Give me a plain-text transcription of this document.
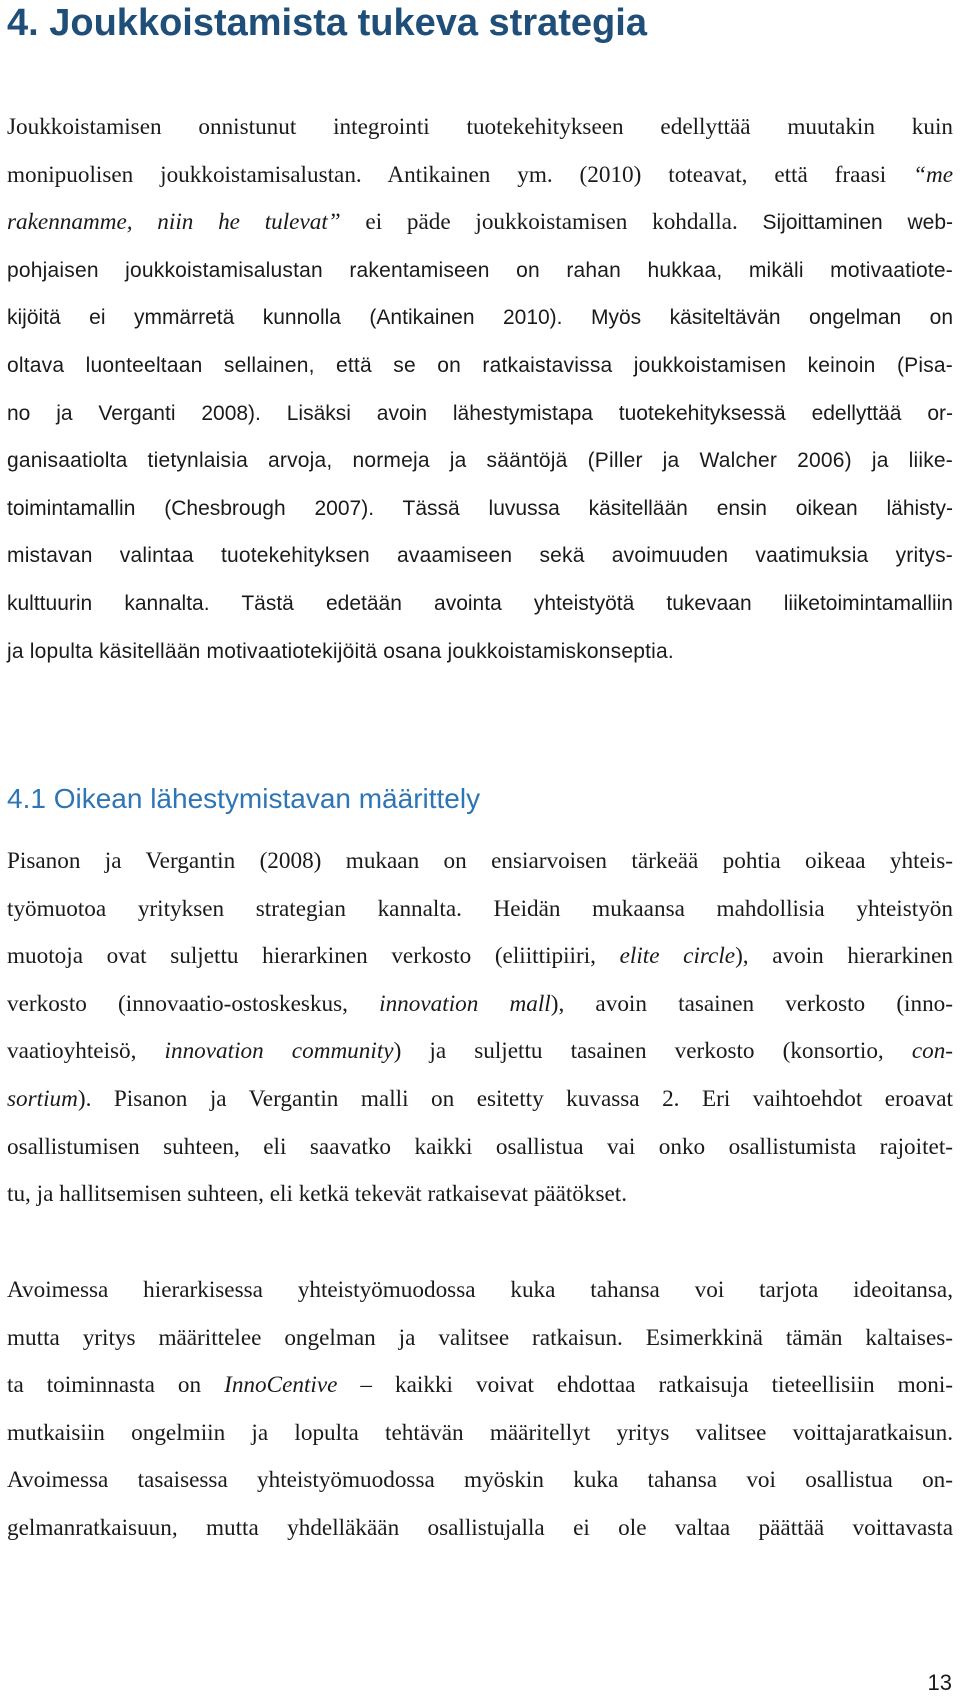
4. Joukkoistamista tukeva strategia
Joukkoistamisen onnistunut integrointi tuotekehitykseen edellyttää muutakin kuin
monipuolisen joukkoistamisalustan. Antikainen ym. (2010) toteavat, että fraasi “me
rakennamme, niin he tulevat” ei päde joukkoistamisen kohdalla. Sijoittaminen web-
pohjaisen joukkoistamisalustan rakentamiseen on rahan hukkaa, mikäli motivaatiote-
kijöitä ei ymmärretä kunnolla (Antikainen 2010). Myös käsiteltävän ongelman on
oltava luonteeltaan sellainen, että se on ratkaistavissa joukkoistamisen keinoin (Pisa-
no ja Verganti 2008). Lisäksi avoin lähestymistapa tuotekehityksessä edellyttää or-
ganisaatiolta tietynlaisia arvoja, normeja ja sääntöjä (Piller ja Walcher 2006) ja liike-
toimintamallin (Chesbrough 2007). Tässä luvussa käsitellään ensin oikean lähisty-
mistavan valintaa tuotekehityksen avaamiseen sekä avoimuuden vaatimuksia yritys-
kulttuurin kannalta. Tästä edetään avointa yhteistyötä tukevaan liiketoimintamalliin
ja lopulta käsitellään motivaatiotekijöitä osana joukkoistamiskonseptia.
4.1 Oikean lähestymistavan määrittely
Pisanon ja Vergantin (2008) mukaan on ensiarvoisen tärkeää pohtia oikeaa yhteis-
työmuotoa yrityksen strategian kannalta. Heidän mukaansa mahdollisia yhteistyön
muotoja ovat suljettu hierarkinen verkosto (eliittipiiri, elite circle), avoin hierarkinen
verkosto (innovaatio-ostoskeskus, innovation mall), avoin tasainen verkosto (inno-
vaatioyhteisö, innovation community) ja suljettu tasainen verkosto (konsortio, con-
sortium). Pisanon ja Vergantin malli on esitetty kuvassa 2. Eri vaihtoehdot eroavat
osallistumisen suhteen, eli saavatko kaikki osallistua vai onko osallistumista rajoitet-
tu, ja hallitsemisen suhteen, eli ketkä tekevät ratkaisevat päätökset.
Avoimessa hierarkisessa yhteistyömuodossa kuka tahansa voi tarjota ideoitansa,
mutta yritys määrittelee ongelman ja valitsee ratkaisun. Esimerkkinä tämän kaltaises-
ta toiminnasta on InnoCentive – kaikki voivat ehdottaa ratkaisuja tieteellisiin moni-
mutkaisiin ongelmiin ja lopulta tehtävän määritellyt yritys valitsee voittajaratkaisun.
Avoimessa tasaisessa yhteistyömuodossa myöskin kuka tahansa voi osallistua on-
gelmanratkaisuun, mutta yhdelläkään osallistujalla ei ole valtaa päättää voittavasta
13
